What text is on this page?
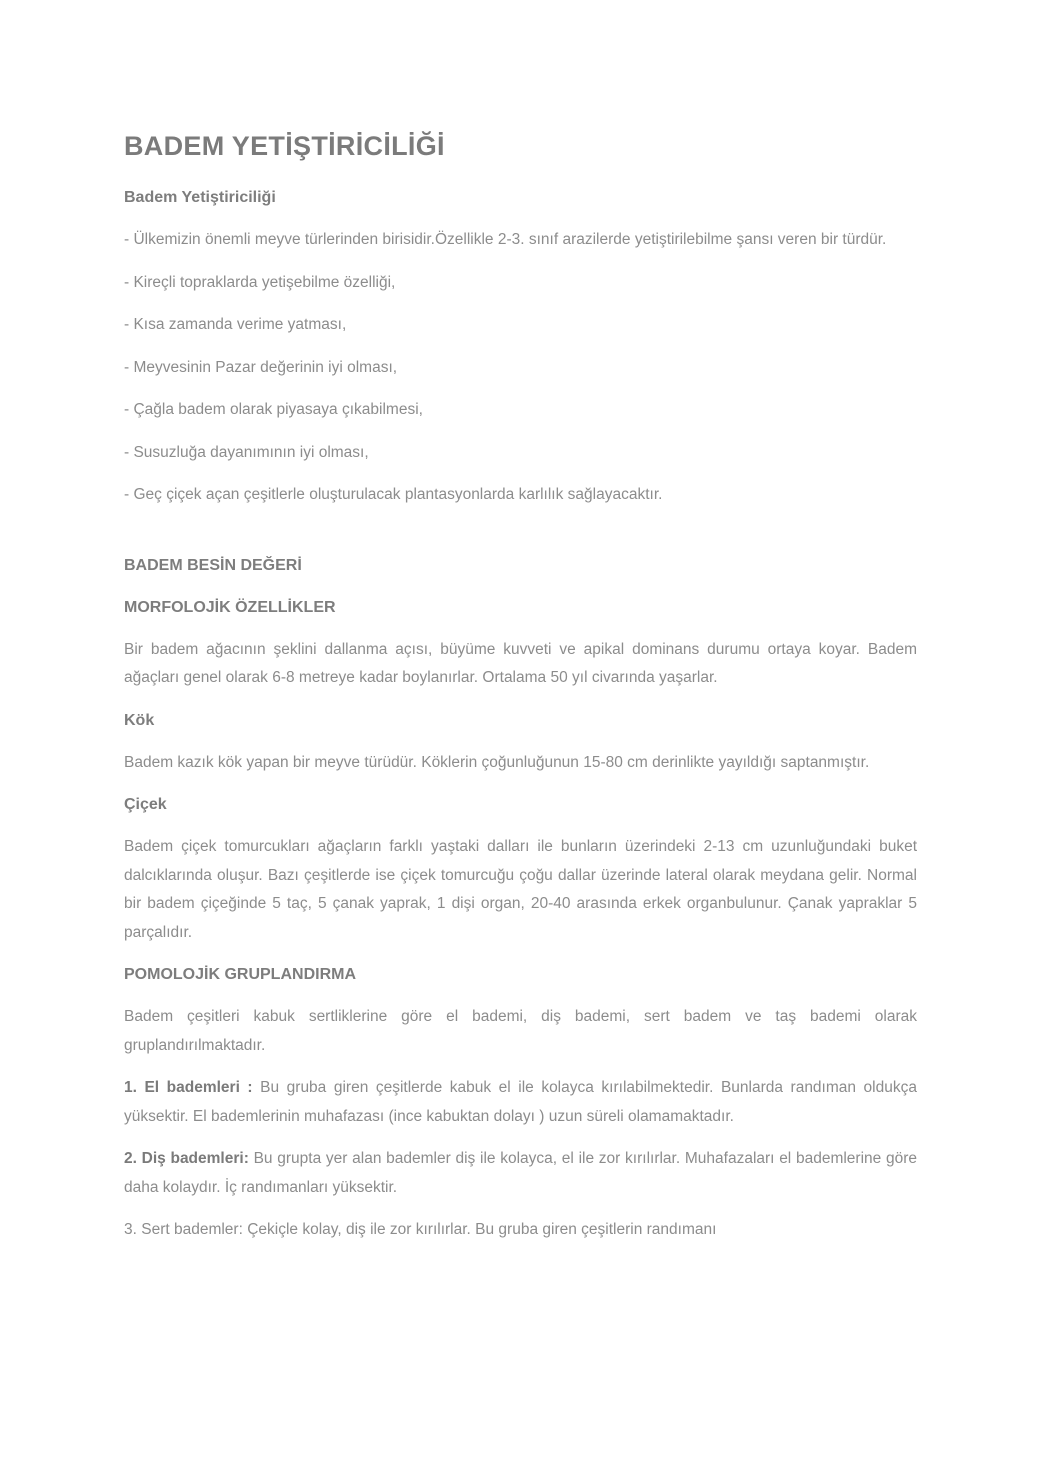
BADEM YETİŞTİRİCİLİĞİ
Badem Yetiştiriciliği

- Ülkemizin önemli meyve türlerinden birisidir.Özellikle 2-3. sınıf arazilerde yetiştirilebilme şansı veren bir türdür.

- Kireçli topraklarda yetişebilme özelliği,

- Kısa zamanda verime yatması,

- Meyvesinin Pazar değerinin iyi olması,

- Çağla badem olarak piyasaya çıkabilmesi,

- Susuzluğa dayanımının iyi olması,

- Geç çiçek açan çeşitlerle oluşturulacak plantasyonlarda karlılık sağlayacaktır.

BADEM BESİN DEĞERİ
MORFOLOJİK ÖZELLİKLER

Bir badem ağacının şeklini dallanma açısı, büyüme kuvveti ve apikal dominans durumu ortaya koyar. Badem ağaçları genel olarak 6-8 metreye kadar boylanırlar. Ortalama 50 yıl civarında yaşarlar.

Kök

Badem kazık kök yapan bir meyve türüdür. Köklerin çoğunluğunun 15-80 cm derinlikte yayıldığı saptanmıştır.

Çiçek

Badem çiçek tomurcukları ağaçların farklı yaştaki dalları ile bunların üzerindeki 2-13 cm uzunluğundaki buket dalcıklarında oluşur. Bazı çeşitlerde ise çiçek tomurcuğu çoğu dallar üzerinde lateral olarak meydana gelir. Normal bir badem çiçeğinde 5 taç, 5 çanak yaprak, 1 dişi organ, 20-40 arasında erkek organbulunur. Çanak yapraklar 5 parçalıdır.

POMOLOJİK GRUPLANDIRMA

Badem çeşitleri kabuk sertliklerine göre el bademi, diş bademi, sert badem ve taş bademi olarak gruplandırılmaktadır.

1. El bademleri : Bu gruba giren çeşitlerde kabuk el ile kolayca kırılabilmektedir. Bunlarda randıman oldukça yüksektir. El bademlerinin muhafazası (ince kabuktan dolayı ) uzun süreli olamamaktadır.

2. Diş bademleri: Bu grupta yer alan bademler diş ile kolayca, el ile zor kırılırlar. Muhafazaları el bademlerine göre daha kolaydır. İç randımanları yüksektir.

3. Sert bademler: Çekiçle kolay, diş ile zor kırılırlar. Bu gruba giren çeşitlerin randımanı
